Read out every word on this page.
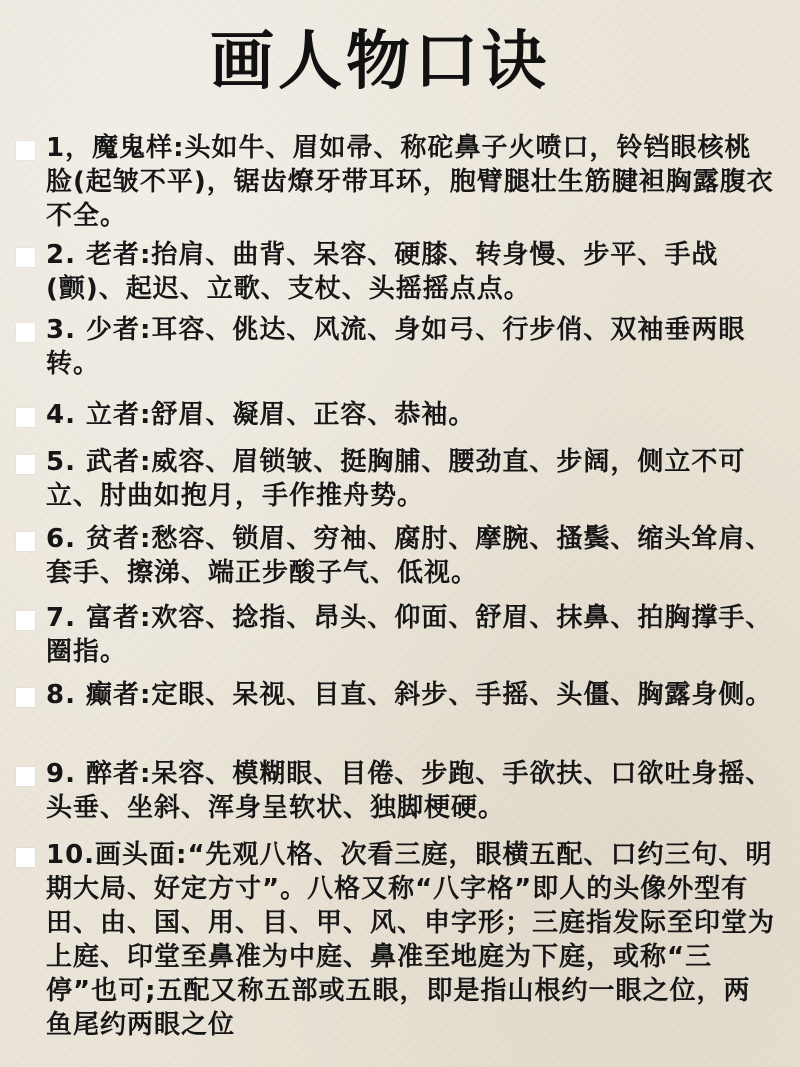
画人物口诀
1，魔鬼样:头如牛、眉如帚、称砣鼻子火喷口，铃铛眼核桃脸(起皱不平)，锯齿燎牙带耳环，胞臂腿壮生筋腱袒胸露腹衣不全。
2. 老者:抬肩、曲背、呆容、硬膝、转身慢、步平、手战(颤)、起迟、立歌、支杖、头摇摇点点。
3. 少者:耳容、佻达、风流、身如弓、行步俏、双袖垂两眼转。
4. 立者:舒眉、凝眉、正容、恭袖。
5. 武者:威容、眉锁皱、挺胸脯、腰劲直、步阔，侧立不可立、肘曲如抱月，手作推舟势。
6. 贫者:愁容、锁眉、穷袖、腐肘、摩腕、搔鬓、缩头耸肩、套手、擦涕、端正步酸子气、低视。
7. 富者:欢容、捻指、昂头、仰面、舒眉、抹鼻、拍胸撑手、圈指。
8. 癫者:定眼、呆视、目直、斜步、手摇、头僵、胸露身侧。
9. 醉者:呆容、模糊眼、目倦、步跑、手欲扶、口欲吐身摇、头垂、坐斜、浑身呈软状、独脚梗硬。
10.画头面:“先观八格、次看三庭，眼横五配、口约三句、明期大局、好定方寸”。八格又称“八字格”即人的头像外型有田、由、国、用、目、甲、风、申字形；三庭指发际至印堂为上庭、印堂至鼻准为中庭、鼻准至地庭为下庭，或称“三停”也可;五配又称五部或五眼，即是指山根约一眼之位，两鱼尾约两眼之位
